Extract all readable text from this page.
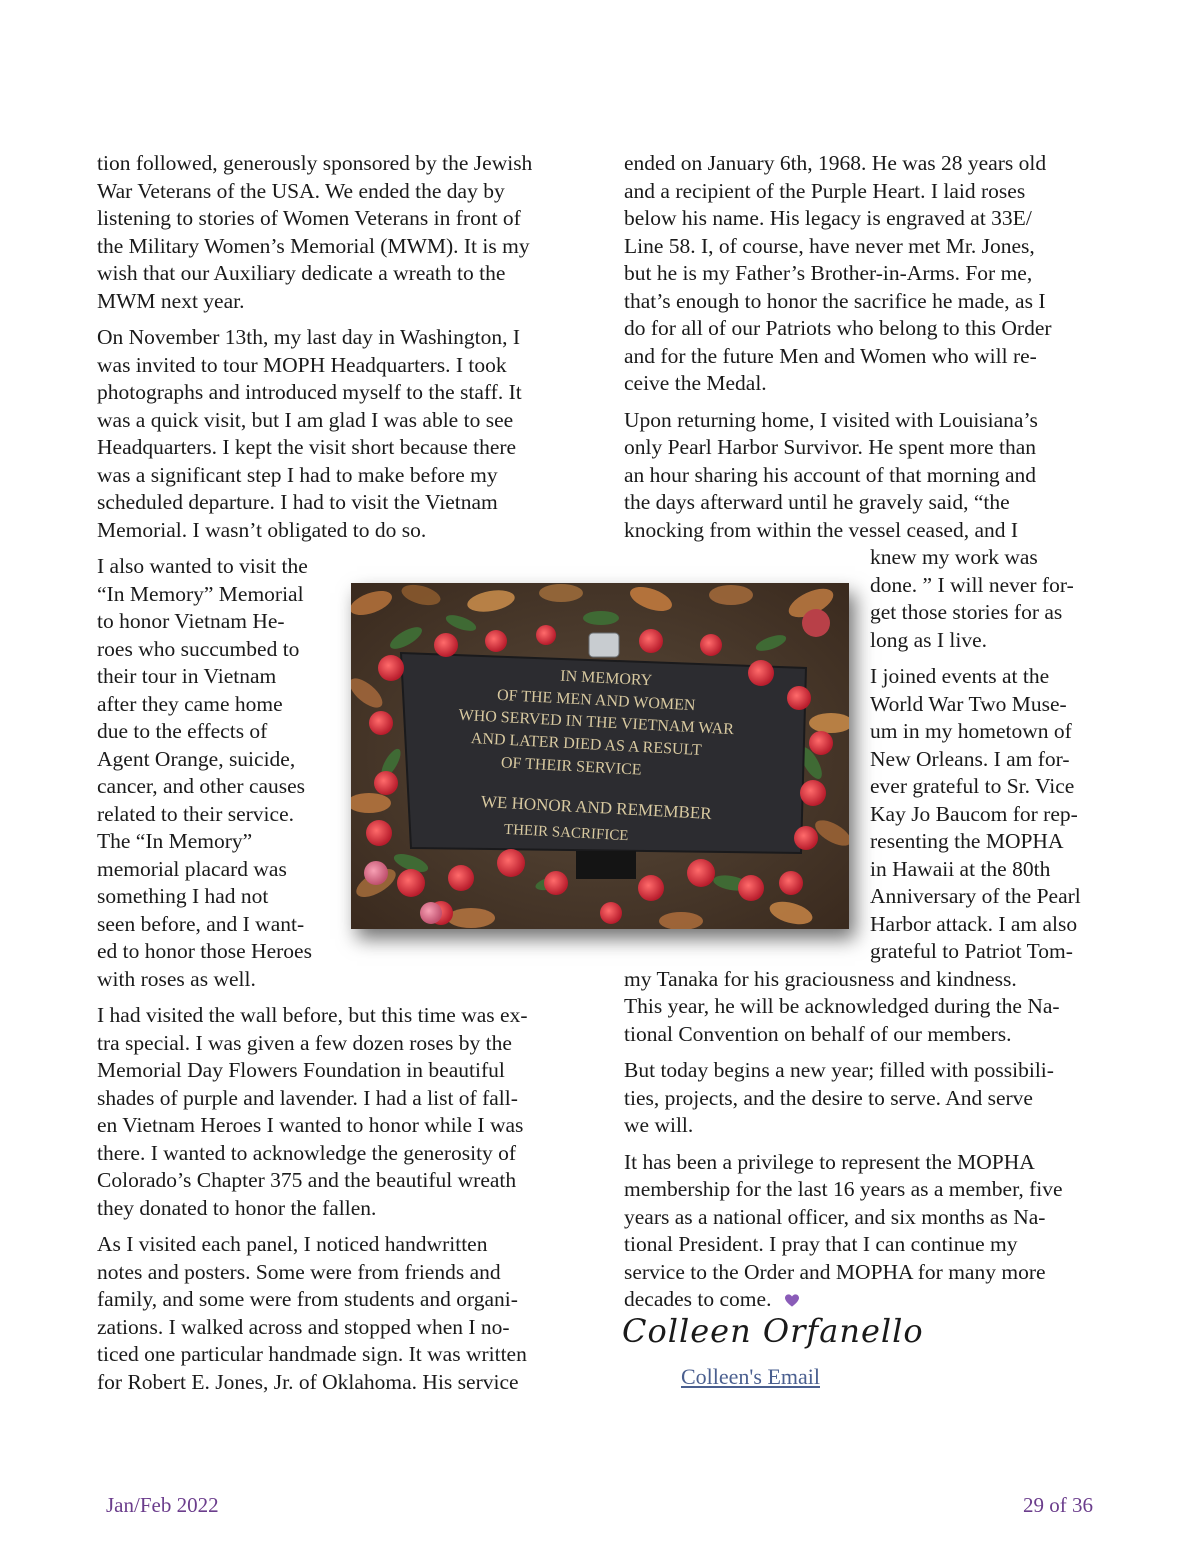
tion followed, generously sponsored by the Jewish
War Veterans of the USA. We ended the day by
listening to stories of Women Veterans in front of
the Military Women’s Memorial (MWM). It is my
wish that our Auxiliary dedicate a wreath to the
MWM next year.

On November 13th, my last day in Washington, I
was invited to tour MOPH Headquarters. I took
photographs and introduced myself to the staff. It
was a quick visit, but I am glad I was able to see
Headquarters. I kept the visit short because there
was a significant step I had to make before my
scheduled departure. I had to visit the Vietnam
Memorial. I wasn’t obligated to do so.

I also wanted to visit the
“In Memory” Memorial
to honor Vietnam He-
roes who succumbed to
their tour in Vietnam
after they came home
due to the effects of
Agent Orange, suicide,
cancer, and other causes
related to their service.
The “In Memory”
memorial placard was
something I had not
seen before, and I want-
ed to honor those Heroes
with roses as well.

I had visited the wall before, but this time was ex-
tra special. I was given a few dozen roses by the
Memorial Day Flowers Foundation in beautiful
shades of purple and lavender. I had a list of fall-
en Vietnam Heroes I wanted to honor while I was
there. I wanted to acknowledge the generosity of
Colorado’s Chapter 375 and the beautiful wreath
they donated to honor the fallen.

As I visited each panel, I noticed handwritten
notes and posters. Some were from friends and
family, and some were from students and organi-
zations. I walked across and stopped when I no-
ticed one particular handmade sign. It was written
for Robert E. Jones, Jr. of Oklahoma. His service

ended on January 6th, 1968. He was 28 years old
and a recipient of the Purple Heart. I laid roses
below his name. His legacy is engraved at 33E/
Line 58. I, of course, have never met Mr. Jones,
but he is my Father’s Brother-in-Arms. For me,
that’s enough to honor the sacrifice he made, as I
do for all of our Patriots who belong to this Order
and for the future Men and Women who will re-
ceive the Medal.

Upon returning home, I visited with Louisiana’s
only Pearl Harbor Survivor. He spent more than
an hour sharing his account of that morning and
the days afterward until he gravely said, “the
knocking from within the vessel ceased, and I
knew my work was
done. ” I will never for-
get those stories for as
long as I live.

I joined events at the
World War Two Muse-
um in my hometown of
New Orleans. I am for-
ever grateful to Sr. Vice
Kay Jo Baucom for rep-
resenting the MOPHA
in Hawaii at the 80th
Anniversary of the Pearl
Harbor attack. I am also
grateful to Patriot Tom-
my Tanaka for his graciousness and kindness.
This year, he will be acknowledged during the Na-
tional Convention on behalf of our members.

But today begins a new year; filled with possibili-
ties, projects, and the desire to serve. And serve
we will.

It has been a privilege to represent the MOPHA
membership for the last 16 years as a member, five
years as a national officer, and six months as Na-
tional President. I pray that I can continue my
service to the Order and MOPHA for many more
decades to come.

IN MEMORY
OF THE MEN AND WOMEN
WHO SERVED IN THE VIETNAM WAR
AND LATER DIED AS A RESULT
OF THEIR SERVICE
WE HONOR AND REMEMBER
THEIR SACRIFICE
Colleen Orfanello
Colleen's Email
Jan/Feb 2022	29 of 36
